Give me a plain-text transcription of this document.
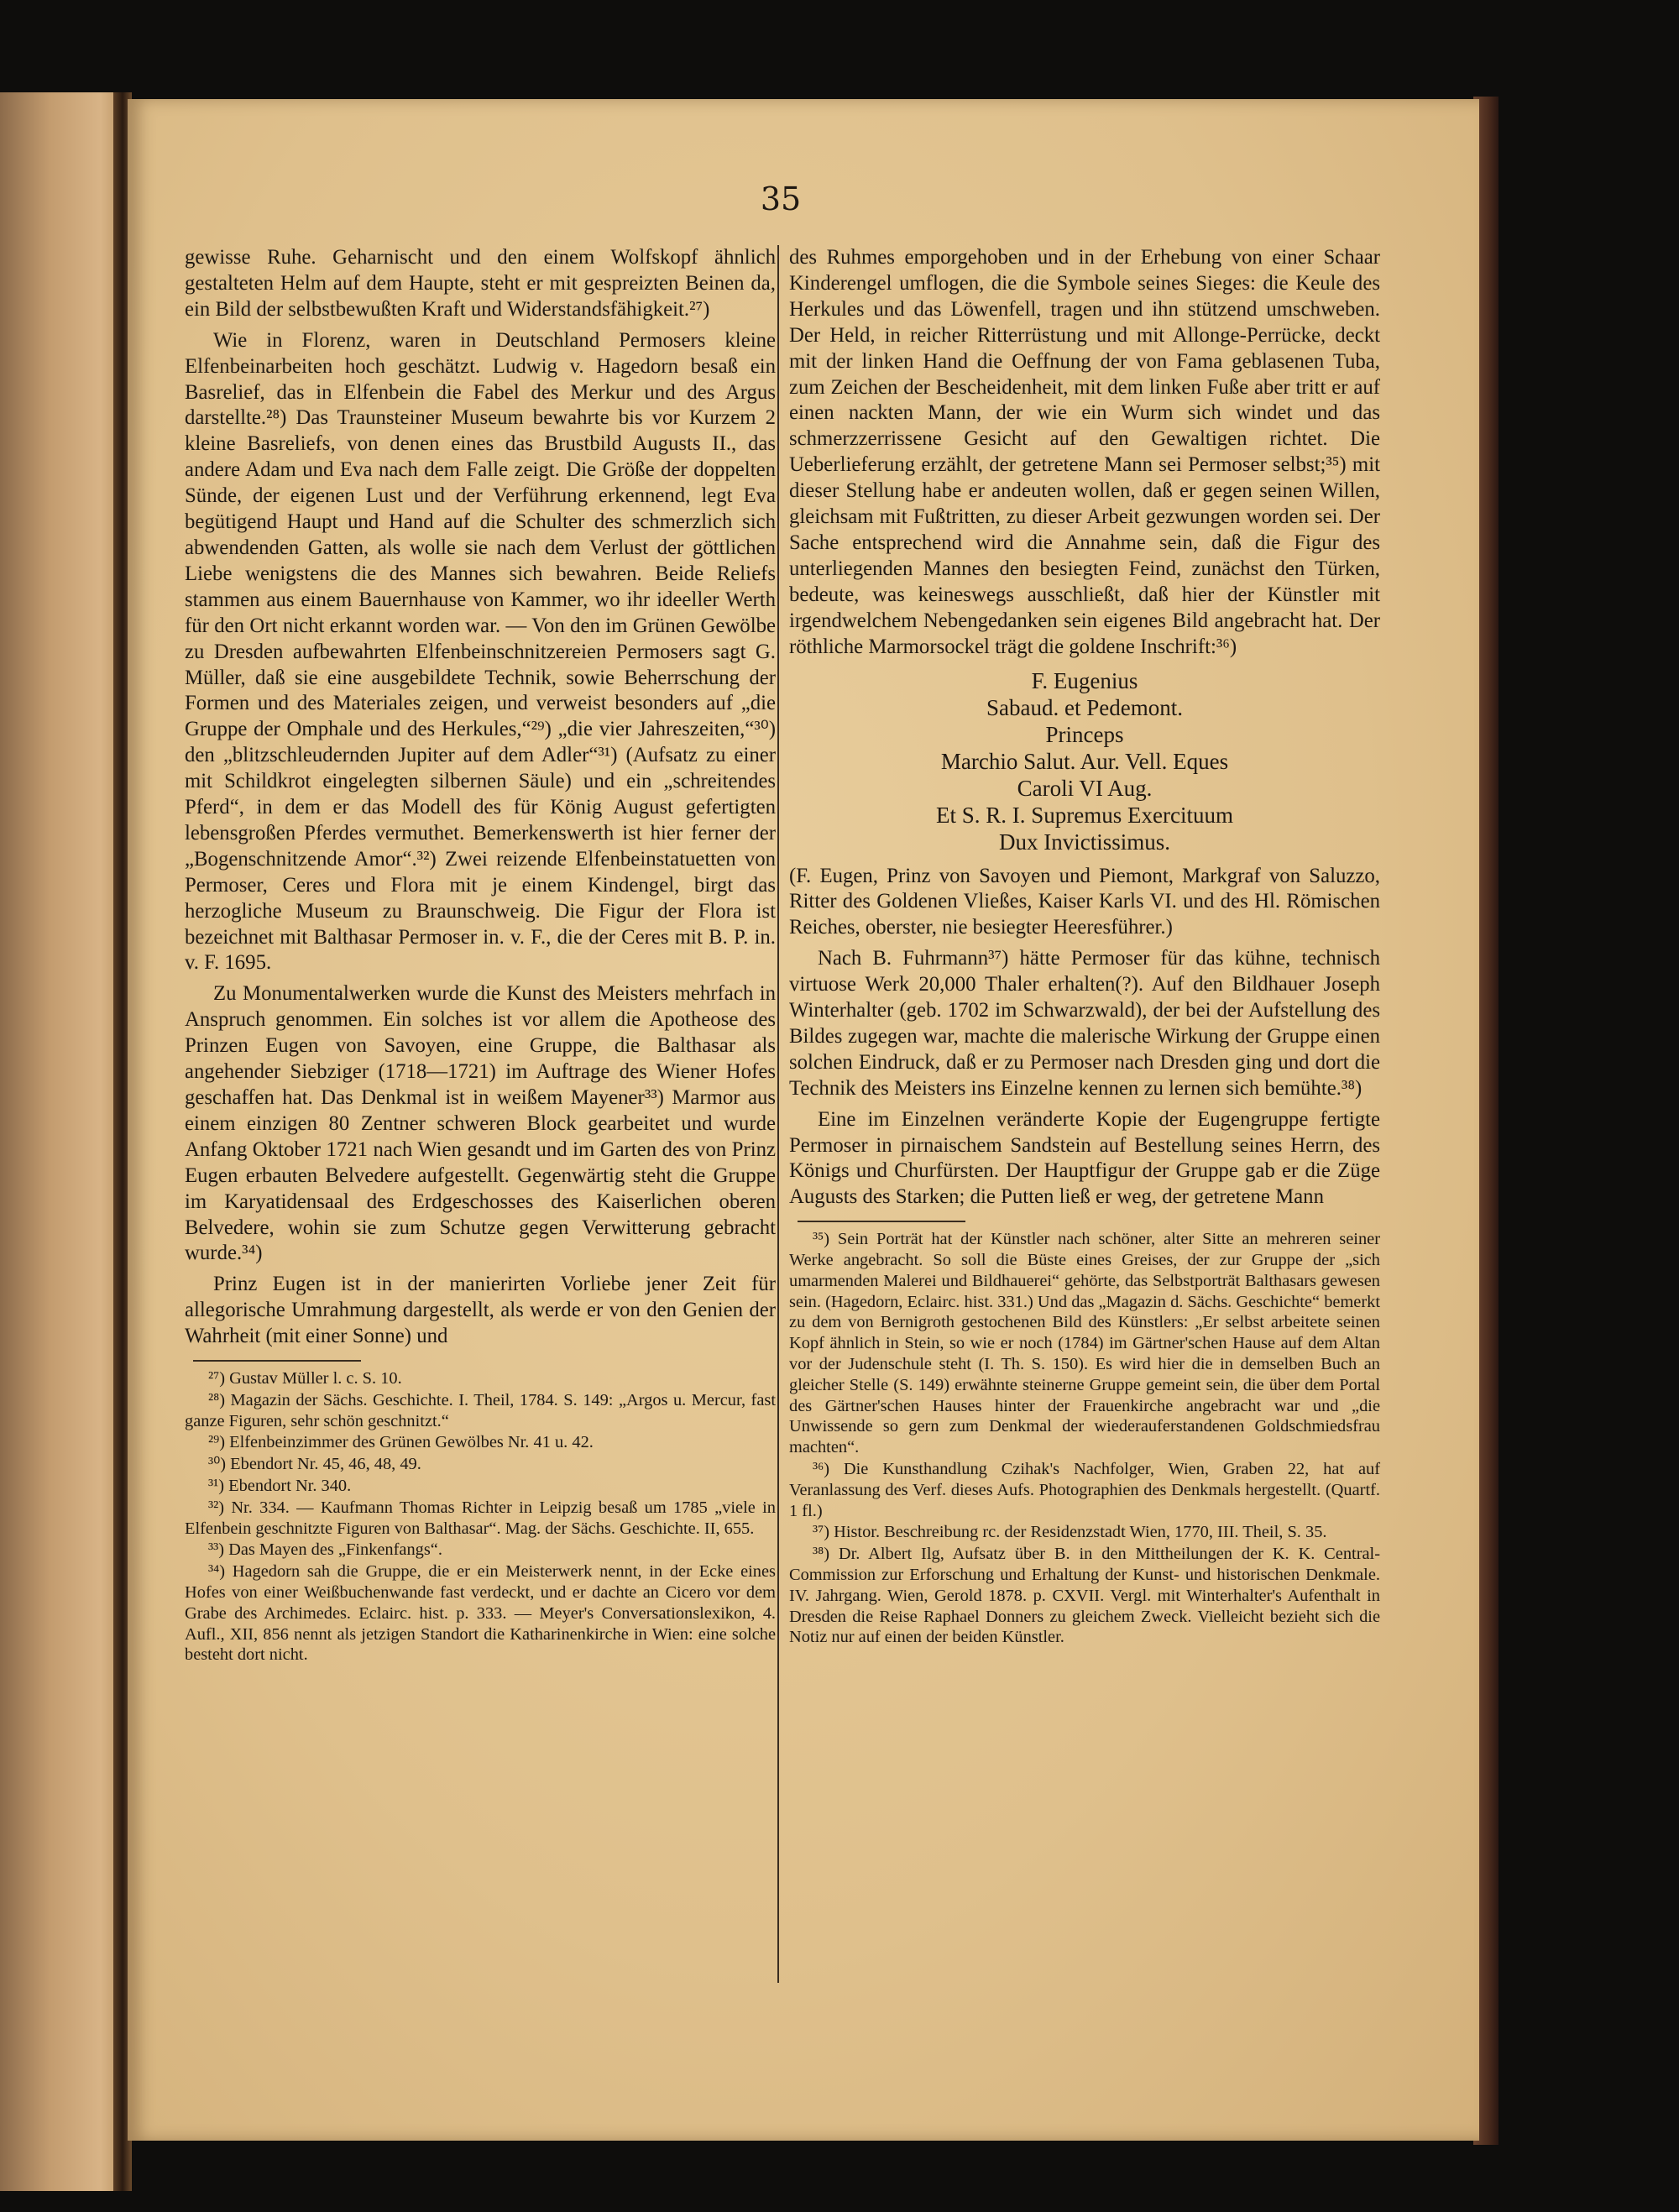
35

gewisse Ruhe. Geharnischt und den einem Wolfskopf ähnlich gestalteten Helm auf dem Haupte, steht er mit gespreizten Beinen da, ein Bild der selbstbewußten Kraft und Widerstandsfähigkeit.²⁷)

Wie in Florenz, waren in Deutschland Permosers kleine Elfenbeinarbeiten hoch geschätzt. Ludwig v. Hagedorn besaß ein Basrelief, das in Elfenbein die Fabel des Merkur und des Argus darstellte.²⁸) Das Traunsteiner Museum bewahrte bis vor Kurzem 2 kleine Basreliefs, von denen eines das Brustbild Augusts II., das andere Adam und Eva nach dem Falle zeigt. Die Größe der doppelten Sünde, der eigenen Lust und der Verführung erkennend, legt Eva begütigend Haupt und Hand auf die Schulter des schmerzlich sich abwendenden Gatten, als wolle sie nach dem Verlust der göttlichen Liebe wenigstens die des Mannes sich bewahren. Beide Reliefs stammen aus einem Bauernhause von Kammer, wo ihr ideeller Werth für den Ort nicht erkannt worden war. — Von den im Grünen Gewölbe zu Dresden aufbewahrten Elfenbeinschnitzereien Permosers sagt G. Müller, daß sie eine ausgebildete Technik, sowie Beherrschung der Formen und des Materiales zeigen, und verweist besonders auf „die Gruppe der Omphale und des Herkules,“²⁹) „die vier Jahreszeiten,“³⁰) den „blitzschleudernden Jupiter auf dem Adler“³¹) (Aufsatz zu einer mit Schildkrot eingelegten silbernen Säule) und ein „schreitendes Pferd“, in dem er das Modell des für König August gefertigten lebensgroßen Pferdes vermuthet. Bemerkenswerth ist hier ferner der „Bogenschnitzende Amor“.³²) Zwei reizende Elfenbeinstatuetten von Permoser, Ceres und Flora mit je einem Kindengel, birgt das herzogliche Museum zu Braunschweig. Die Figur der Flora ist bezeichnet mit Balthasar Permoser in. v. F., die der Ceres mit B. P. in. v. F. 1695.

Zu Monumentalwerken wurde die Kunst des Meisters mehrfach in Anspruch genommen. Ein solches ist vor allem die Apotheose des Prinzen Eugen von Savoyen, eine Gruppe, die Balthasar als angehender Siebziger (1718—1721) im Auftrage des Wiener Hofes geschaffen hat. Das Denkmal ist in weißem Mayener³³) Marmor aus einem einzigen 80 Zentner schweren Block gearbeitet und wurde Anfang Oktober 1721 nach Wien gesandt und im Garten des von Prinz Eugen erbauten Belvedere aufgestellt. Gegenwärtig steht die Gruppe im Karyatidensaal des Erdgeschosses des Kaiserlichen oberen Belvedere, wohin sie zum Schutze gegen Verwitterung gebracht wurde.³⁴)

Prinz Eugen ist in der manierirten Vorliebe jener Zeit für allegorische Umrahmung dargestellt, als werde er von den Genien der Wahrheit (mit einer Sonne) und

²⁷) Gustav Müller l. c. S. 10.

²⁸) Magazin der Sächs. Geschichte. I. Theil, 1784. S. 149: „Argos u. Mercur, fast ganze Figuren, sehr schön geschnitzt.“

²⁹) Elfenbeinzimmer des Grünen Gewölbes Nr. 41 u. 42.

³⁰) Ebendort Nr. 45, 46, 48, 49.

³¹) Ebendort Nr. 340.

³²) Nr. 334. — Kaufmann Thomas Richter in Leipzig besaß um 1785 „viele in Elfenbein geschnitzte Figuren von Balthasar“. Mag. der Sächs. Geschichte. II, 655.

³³) Das Mayen des „Finkenfangs“.

³⁴) Hagedorn sah die Gruppe, die er ein Meisterwerk nennt, in der Ecke eines Hofes von einer Weißbuchenwande fast verdeckt, und er dachte an Cicero vor dem Grabe des Archimedes. Eclairc. hist. p. 333. — Meyer's Conversationslexikon, 4. Aufl., XII, 856 nennt als jetzigen Standort die Katharinenkirche in Wien: eine solche besteht dort nicht.

des Ruhmes emporgehoben und in der Erhebung von einer Schaar Kinderengel umflogen, die die Symbole seines Sieges: die Keule des Herkules und das Löwenfell, tragen und ihn stützend umschweben. Der Held, in reicher Ritterrüstung und mit Allonge-Perrücke, deckt mit der linken Hand die Oeffnung der von Fama geblasenen Tuba, zum Zeichen der Bescheidenheit, mit dem linken Fuße aber tritt er auf einen nackten Mann, der wie ein Wurm sich windet und das schmerzzerrissene Gesicht auf den Gewaltigen richtet. Die Ueberlieferung erzählt, der getretene Mann sei Permoser selbst;³⁵) mit dieser Stellung habe er andeuten wollen, daß er gegen seinen Willen, gleichsam mit Fußtritten, zu dieser Arbeit gezwungen worden sei. Der Sache entsprechend wird die Annahme sein, daß die Figur des unterliegenden Mannes den besiegten Feind, zunächst den Türken, bedeute, was keineswegs ausschließt, daß hier der Künstler mit irgendwelchem Nebengedanken sein eigenes Bild angebracht hat. Der röthliche Marmorsockel trägt die goldene Inschrift:³⁶)

F. Eugenius
Sabaud. et Pedemont.
Princeps
Marchio Salut. Aur. Vell. Eques
Caroli VI Aug.
Et S. R. I. Supremus Exercituum
Dux Invictissimus.

(F. Eugen, Prinz von Savoyen und Piemont, Markgraf von Saluzzo, Ritter des Goldenen Vließes, Kaiser Karls VI. und des Hl. Römischen Reiches, oberster, nie besiegter Heeresführer.)

Nach B. Fuhrmann³⁷) hätte Permoser für das kühne, technisch virtuose Werk 20,000 Thaler erhalten(?). Auf den Bildhauer Joseph Winterhalter (geb. 1702 im Schwarzwald), der bei der Aufstellung des Bildes zugegen war, machte die malerische Wirkung der Gruppe einen solchen Eindruck, daß er zu Permoser nach Dresden ging und dort die Technik des Meisters ins Einzelne kennen zu lernen sich bemühte.³⁸)

Eine im Einzelnen veränderte Kopie der Eugengruppe fertigte Permoser in pirnaischem Sandstein auf Bestellung seines Herrn, des Königs und Churfürsten. Der Hauptfigur der Gruppe gab er die Züge Augusts des Starken; die Putten ließ er weg, der getretene Mann

³⁵) Sein Porträt hat der Künstler nach schöner, alter Sitte an mehreren seiner Werke angebracht. So soll die Büste eines Greises, der zur Gruppe der „sich umarmenden Malerei und Bildhauerei“ gehörte, das Selbstporträt Balthasars gewesen sein. (Hagedorn, Eclairc. hist. 331.) Und das „Magazin d. Sächs. Geschichte“ bemerkt zu dem von Bernigroth gestochenen Bild des Künstlers: „Er selbst arbeitete seinen Kopf ähnlich in Stein, so wie er noch (1784) im Gärtner'schen Hause auf dem Altan vor der Judenschule steht (I. Th. S. 150). Es wird hier die in demselben Buch an gleicher Stelle (S. 149) erwähnte steinerne Gruppe gemeint sein, die über dem Portal des Gärtner'schen Hauses hinter der Frauenkirche angebracht war und „die Unwissende so gern zum Denkmal der wiederauferstandenen Goldschmiedsfrau machten“.

³⁶) Die Kunsthandlung Czihak's Nachfolger, Wien, Graben 22, hat auf Veranlassung des Verf. dieses Aufs. Photographien des Denkmals hergestellt. (Quartf. 1 fl.)

³⁷) Histor. Beschreibung rc. der Residenzstadt Wien, 1770, III. Theil, S. 35.

³⁸) Dr. Albert Ilg, Aufsatz über B. in den Mittheilungen der K. K. Central-Commission zur Erforschung und Erhaltung der Kunst- und historischen Denkmale. IV. Jahrgang. Wien, Gerold 1878. p. CXVII. Vergl. mit Winterhalter's Aufenthalt in Dresden die Reise Raphael Donners zu gleichem Zweck. Vielleicht bezieht sich die Notiz nur auf einen der beiden Künstler.
